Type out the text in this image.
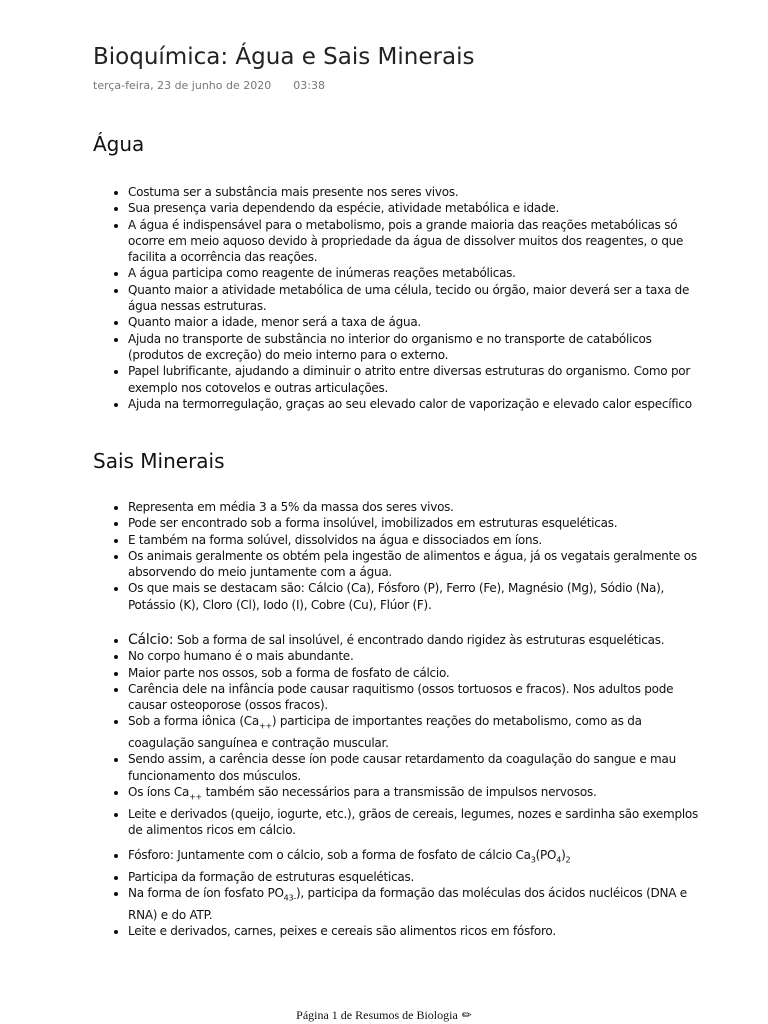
Bioquímica: Água e Sais Minerais
terça-feira, 23 de junho de 2020 03:38
Água
• Costuma ser a substância mais presente nos seres vivos.
• Sua presença varia dependendo da espécie, atividade metabólica e idade.
• A água é indispensável para o metabolismo, pois a grande maioria das reações metabólicas só ocorre em meio aquoso devido à propriedade da água de dissolver muitos dos reagentes, o que facilita a ocorrência das reações.
• A água participa como reagente de inúmeras reações metabólicas.
• Quanto maior a atividade metabólica de uma célula, tecido ou órgão, maior deverá ser a taxa de água nessas estruturas.
• Quanto maior a idade, menor será a taxa de água.
• Ajuda no transporte de substância no interior do organismo e no transporte de catabólicos (produtos de excreção) do meio interno para o externo.
• Papel lubrificante, ajudando a diminuir o atrito entre diversas estruturas do organismo. Como por exemplo nos cotovelos e outras articulações.
• Ajuda na termorregulação, graças ao seu elevado calor de vaporização e elevado calor específico
Sais Minerais
• Representa em média 3 a 5% da massa dos seres vivos.
• Pode ser encontrado sob a forma insolúvel, imobilizados em estruturas esqueléticas.
• E também na forma solúvel, dissolvidos na água e dissociados em íons.
• Os animais geralmente os obtém pela ingestão de alimentos e água, já os vegatais geralmente os absorvendo do meio juntamente com a água.
• Os que mais se destacam são: Cálcio (Ca), Fósforo (P), Ferro (Fe), Magnésio (Mg), Sódio (Na), Potássio (K), Cloro (Cl), Iodo (I), Cobre (Cu), Flúor (F).
• Cálcio: Sob a forma de sal insolúvel, é encontrado dando rigidez às estruturas esqueléticas.
• No corpo humano é o mais abundante.
• Maior parte nos ossos, sob a forma de fosfato de cálcio.
• Carência dele na infância pode causar raquitismo (ossos tortuosos e fracos). Nos adultos pode causar osteoporose (ossos fracos).
• Sob a forma iônica $(Ca_{++})$ participa de importantes reações do metabolismo, como as da coagulação sanguínea e contração muscular.
• Sendo assim, a carência desse íon pode causar retardamento da coagulação do sangue e mau funcionamento dos músculos.
• Os íons $Ca_{++}$ também são necessários para a transmissão de impulsos nervosos.
• Leite e derivados (queijo, iogurte, etc.), grãos de cereais, legumes, nozes e sardinha são exemplos de alimentos ricos em cálcio.
• Fósforo: Juntamente com o cálcio, sob a forma de fosfato de cálcio $Ca_3(PO_4)_2$
• Participa da formação de estruturas esqueléticas.
• Na forma de íon fosfato $PO_{43-}$), participa da formação das moléculas dos ácidos nucléicos (DNA e RNA) e do ATP.
• Leite e derivados, carnes, peixes e cereais são alimentos ricos em fósforo.
Página 1 de Resumos de Biologia ✏
